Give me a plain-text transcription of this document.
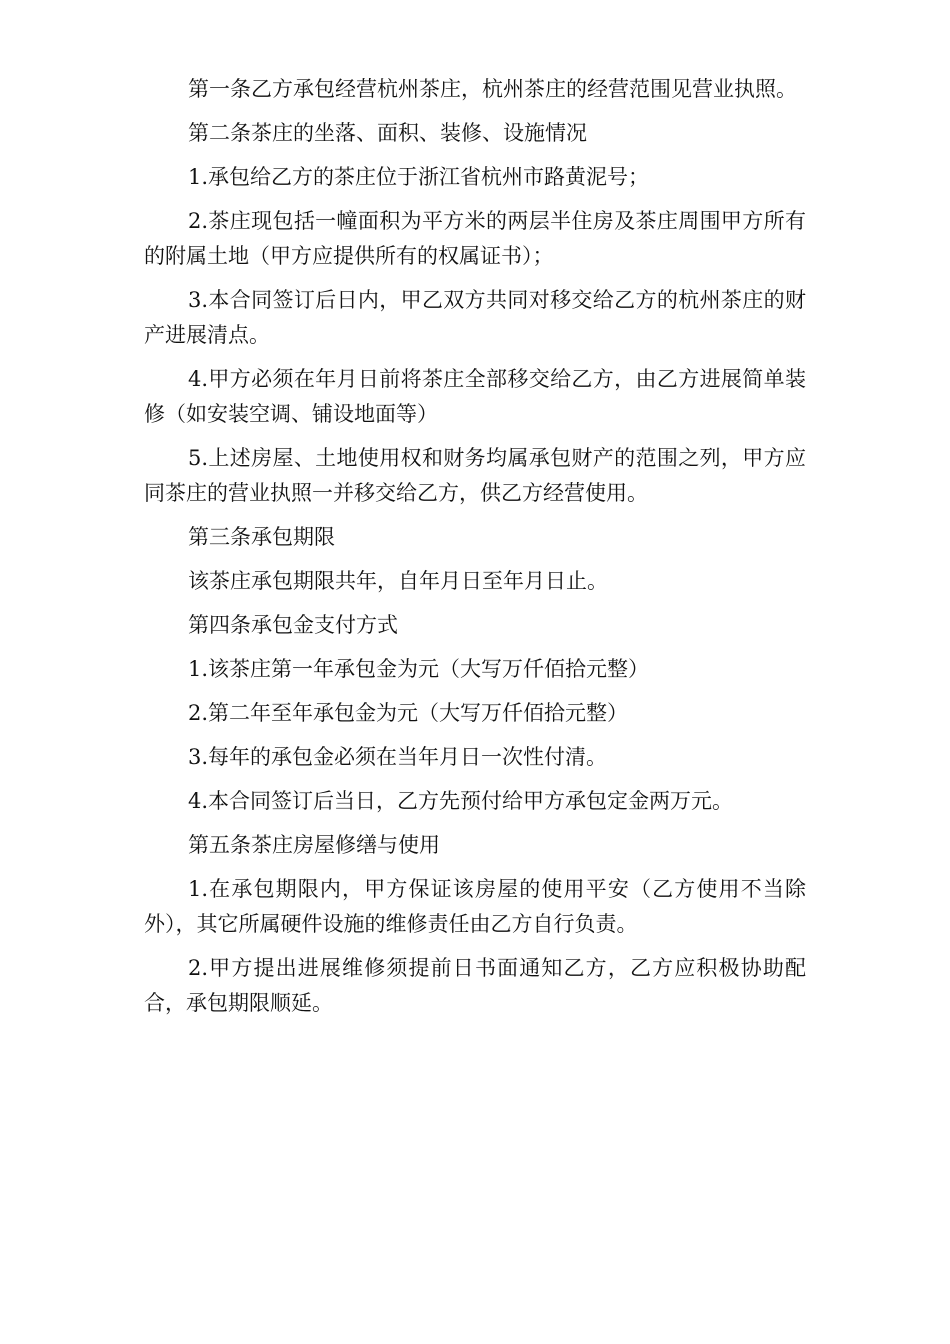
第一条乙方承包经营杭州茶庄，杭州茶庄的经营范围见营业执照。

第二条茶庄的坐落、面积、装修、设施情况

1.承包给乙方的茶庄位于浙江省杭州市路黄泥号；

2.茶庄现包括一幢面积为平方米的两层半住房及茶庄周围甲方所有的附属土地（甲方应提供所有的权属证书）；

3.本合同签订后日内，甲乙双方共同对移交给乙方的杭州茶庄的财产进展清点。

4.甲方必须在年月日前将茶庄全部移交给乙方，由乙方进展简单装修（如安装空调、铺设地面等）

5.上述房屋、土地使用权和财务均属承包财产的范围之列，甲方应同茶庄的营业执照一并移交给乙方，供乙方经营使用。

第三条承包期限

该茶庄承包期限共年，自年月日至年月日止。

第四条承包金支付方式

1.该茶庄第一年承包金为元（大写万仟佰拾元整）

2.第二年至年承包金为元（大写万仟佰拾元整）

3.每年的承包金必须在当年月日一次性付清。

4.本合同签订后当日，乙方先预付给甲方承包定金两万元。

第五条茶庄房屋修缮与使用

1.在承包期限内，甲方保证该房屋的使用平安（乙方使用不当除 外），其它所属硬件设施的维修责任由乙方自行负责。

2.甲方提出进展维修须提前日书面通知乙方，乙方应积极协助配合，承包期限顺延。
